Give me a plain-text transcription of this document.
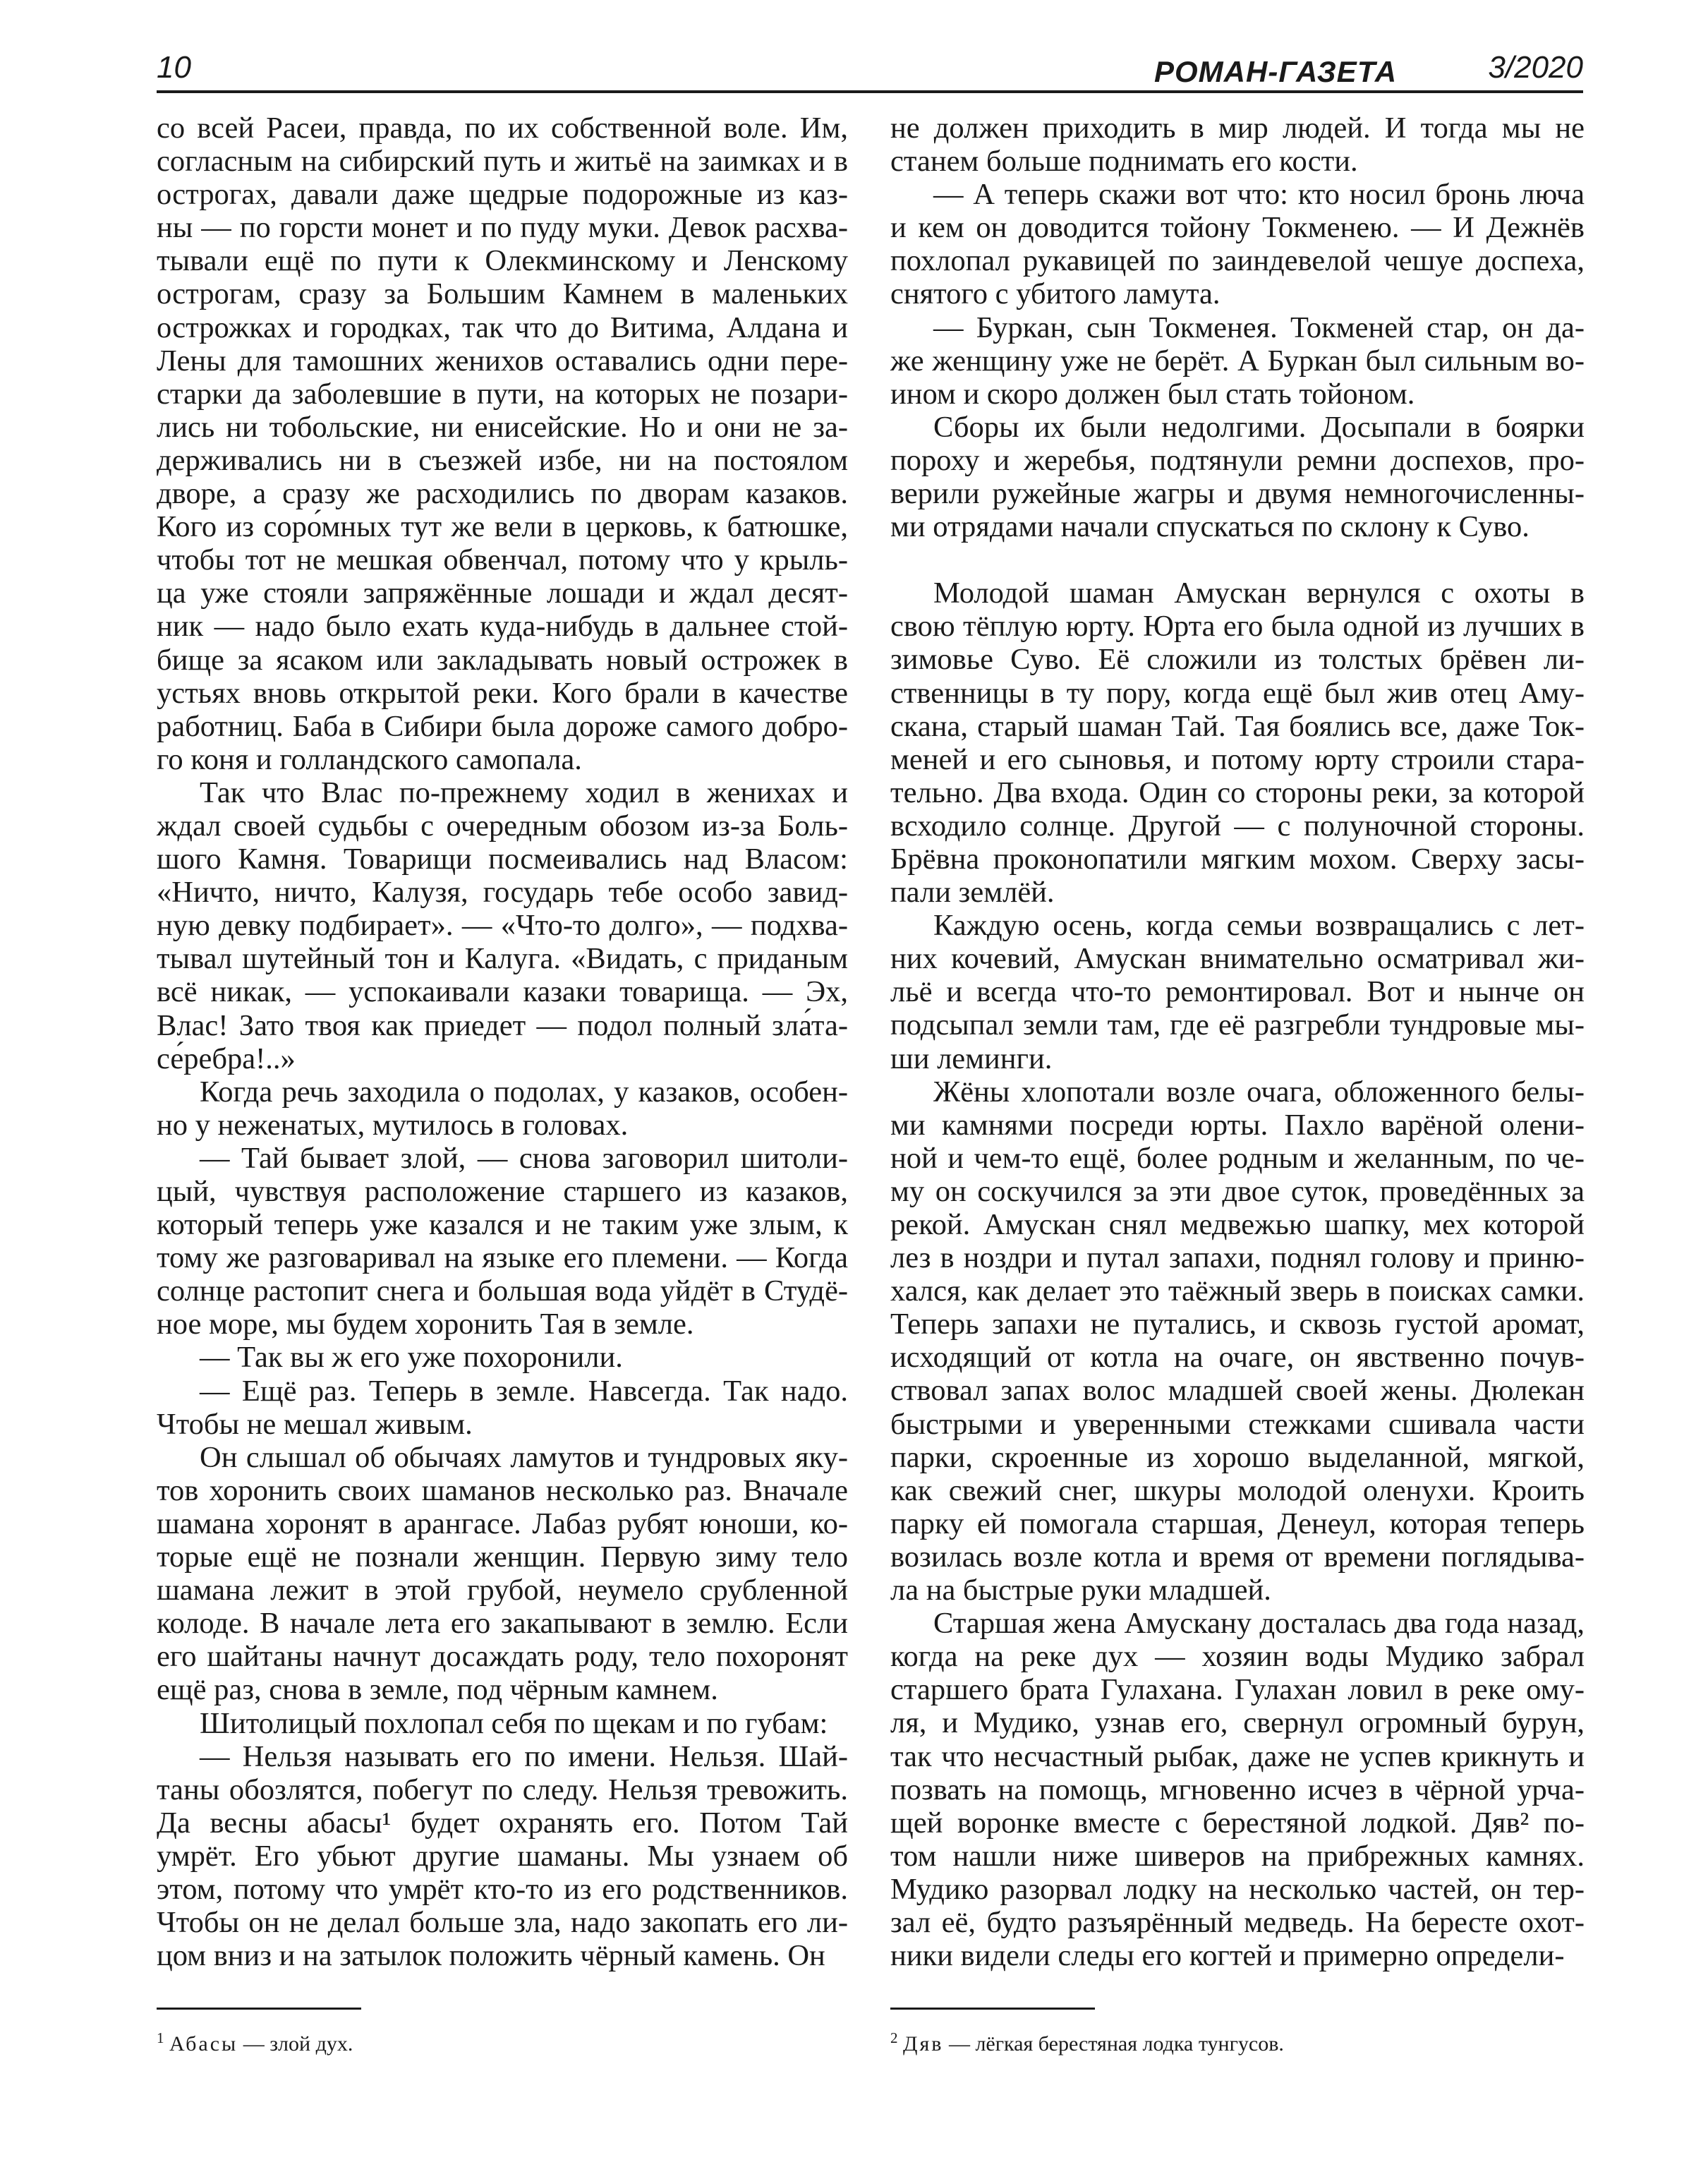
10	РОМАН-ГАЗЕТА	3/2020
со всей Расеи, правда, по их собственной воле. Им,
согласным на сибирский путь и житьё на заимках и в
острогах, давали даже щедрые подорожные из каз-
ны — по горсти монет и по пуду муки. Девок расхва-
тывали ещё по пути к Олекминскому и Ленскому
острогам, сразу за Большим Камнем в маленьких
острожках и городках, так что до Витима, Алдана и
Лены для тамошних женихов оставались одни пере-
старки да заболевшие в пути, на которых не позари-
лись ни тобольские, ни енисейские. Но и они не за-
держивались ни в съезжей избе, ни на постоялом
дворе, а сразу же расходились по дворам казаков.
Кого из соро́мных тут же вели в церковь, к батюшке,
чтобы тот не мешкая обвенчал, потому что у крыль-
ца уже стояли запряжённые лошади и ждал десят-
ник — надо было ехать куда-нибудь в дальнее стой-
бище за ясаком или закладывать новый острожек в
устьях вновь открытой реки. Кого брали в качестве
работниц. Баба в Сибири была дороже самого добро-
го коня и голландского самопала.
Так что Влас по-прежнему ходил в женихах и
ждал своей судьбы с очередным обозом из-за Боль-
шого Камня. Товарищи посмеивались над Власом:
«Ничто, ничто, Калузя, государь тебе особо завид-
ную девку подбирает». — «Что-то долго», — подхва-
тывал шутейный тон и Калуга. «Видать, с приданым
всё никак, — успокаивали казаки товарища. — Эх,
Влас! Зато твоя как приедет — подол полный зла́та-
се́ребра!..»
Когда речь заходила о подолах, у казаков, особен-
но у неженатых, мутилось в головах.
— Тай бывает злой, — снова заговорил шитоли-
цый, чувствуя расположение старшего из казаков,
который теперь уже казался и не таким уже злым, к
тому же разговаривал на языке его племени. — Когда
солнце растопит снега и большая вода уйдёт в Студё-
ное море, мы будем хоронить Тая в земле.
— Так вы ж его уже похоронили.
— Ещё раз. Теперь в земле. Навсегда. Так надо.
Чтобы не мешал живым.
Он слышал об обычаях ламутов и тундровых яку-
тов хоронить своих шаманов несколько раз. Вначале
шамана хоронят в арангасе. Лабаз рубят юноши, ко-
торые ещё не познали женщин. Первую зиму тело
шамана лежит в этой грубой, неумело срубленной
колоде. В начале лета его закапывают в землю. Если
его шайтаны начнут досаждать роду, тело похоронят
ещё раз, снова в земле, под чёрным камнем.
Шитолицый похлопал себя по щекам и по губам:
— Нельзя называть его по имени. Нельзя. Шай-
таны обозлятся, побегут по следу. Нельзя тревожить.
Да весны абасы¹ будет охранять его. Потом Тай
умрёт. Его убьют другие шаманы. Мы узнаем об
этом, потому что умрёт кто-то из его родственников.
Чтобы он не делал больше зла, надо закопать его ли-
цом вниз и на затылок положить чёрный камень. Он
не должен приходить в мир людей. И тогда мы не
станем больше поднимать его кости.
— А теперь скажи вот что: кто носил бронь люча
и кем он доводится тойону Токменею. — И Дежнёв
похлопал рукавицей по заиндевелой чешуе доспеха,
снятого с убитого ламута.
— Буркан, сын Токменея. Токменей стар, он да-
же женщину уже не берёт. А Буркан был сильным во-
ином и скоро должен был стать тойоном.
Сборы их были недолгими. Досыпали в боярки
пороху и жеребья, подтянули ремни доспехов, про-
верили ружейные жагры и двумя немногочисленны-
ми отрядами начали спускаться по склону к Суво.
Молодой шаман Амускан вернулся с охоты в
свою тёплую юрту. Юрта его была одной из лучших в
зимовье Суво. Её сложили из толстых брёвен ли-
ственницы в ту пору, когда ещё был жив отец Аму-
скана, старый шаман Тай. Тая боялись все, даже Ток-
меней и его сыновья, и потому юрту строили стара-
тельно. Два входа. Один со стороны реки, за которой
всходило солнце. Другой — с полуночной стороны.
Брёвна проконопатили мягким мохом. Сверху засы-
пали землёй.
Каждую осень, когда семьи возвращались с лет-
них кочевий, Амускан внимательно осматривал жи-
льё и всегда что-то ремонтировал. Вот и нынче он
подсыпал земли там, где её разгребли тундровые мы-
ши леминги.
Жёны хлопотали возле очага, обложенного белы-
ми камнями посреди юрты. Пахло варёной олени-
ной и чем-то ещё, более родным и желанным, по че-
му он соскучился за эти двое суток, проведённых за
рекой. Амускан снял медвежью шапку, мех которой
лез в ноздри и путал запахи, поднял голову и приню-
хался, как делает это таёжный зверь в поисках самки.
Теперь запахи не путались, и сквозь густой аромат,
исходящий от котла на очаге, он явственно почув-
ствовал запах волос младшей своей жены. Дюлекан
быстрыми и уверенными стежками сшивала части
парки, скроенные из хорошо выделанной, мягкой,
как свежий снег, шкуры молодой оленухи. Кроить
парку ей помогала старшая, Денеул, которая теперь
возилась возле котла и время от времени поглядыва-
ла на быстрые руки младшей.
Старшая жена Амускану досталась два года назад,
когда на реке дух — хозяин воды Мудико забрал
старшего брата Гулахана. Гулахан ловил в реке ому-
ля, и Мудико, узнав его, свернул огромный бурун,
так что несчастный рыбак, даже не успев крикнуть и
позвать на помощь, мгновенно исчез в чёрной урча-
щей воронке вместе с берестяной лодкой. Дяв² по-
том нашли ниже шиверов на прибрежных камнях.
Мудико разорвал лодку на несколько частей, он тер-
зал её, будто разъярённый медведь. На бересте охот-
ники видели следы его когтей и примерно определи-
$^1$ Абасы — злой дух.	$^2$ Дяв — лёгкая берестяная лодка тунгусов.
